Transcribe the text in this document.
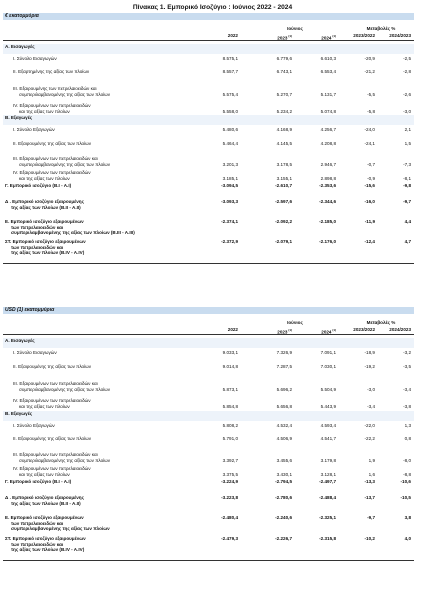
Πίνακας 1. Εμπορικό Ισοζύγιο : Ιούνιος 2022 - 2024
€ εκατομμύρια
Ιούνιος	Μεταβολές %
2022
2023 $^{(1)}$	2024 $^{(1)}$	2023/2022	2024/2023
A. Εισαγωγές
I. Σύνολο Εισαγωγών	8.575,1	6.779,6	6.610,3	-20,9	-2,5
II. Εξαρτημένης της αξίας των πλοίων	8.557,7	6.743,1	6.553,4	-21,2	-2,8
III. Εξαιρουμένης των πετρελαιοειδών και
συμπεριλαμβανομένης της αξίας των πλοίων	5.575,4	5.270,7	5.131,7	-5,5	-2,6
IV. Εξαιρουμένων των πετρελαιοειδών
και της αξίας των πλοίων	5.558,0	5.234,2	5.074,8	-5,8	-3,0
B. Εξαγωγές
I. Σύνολο Εξαγωγών	5.480,6	4.168,9	4.256,7	-24,0	2,1
II. Εξαιρουμένης της αξίας των πλοίων	5.464,4	4.145,5	4.208,8	-24,1	1,5
III. Εξαιρουμένων των πετρελαιοειδών και
συμπεριλαμβανομένης της αξίας των πλοίων	3.201,3	3.178,5	2.946,7	-0,7	-7,3
IV. Εξαιρουμένων των πετρελαιοειδών
και της αξίας των πλοίων	3.185,1	3.155,1	2.898,8	-0,9	-8,1
Γ. Εμπορικό ισοζύγιο (B.I - A.I)	-3.094,5	-2.610,7	-2.353,6	-15,6	-9,8
Δ . Εμπορικό ισοζύγιο εξαιρουμένης
της αξίας των πλοίων (B.II - A.II)
-3.093,3	-2.597,6	-2.344,6	-16,0	-9,7
E. Εμπορικό ισοζύγιο εξαιρουμένων
των πετρελαιοειδών και
συμπεριλαμβανομένης της αξίας των πλοίων (B.III - A.III)
-2.374,1	-2.092,2	-2.185,0	-11,9	4,4
ΣΤ. Εμπορικό ισοζύγιο εξαιρουμένων
των πετρελαιοειδών και
της αξίας των πλοίων (B.IV - A.IV)
-2.372,9	-2.079,1	-2.176,0	-12,4	4,7
USD (1) εκατομμύρια
Ιούνιος	Μεταβολές %
2022
2023 $^{(1)}$	2024 $^{(1)}$	2023/2022	2024/2023
A. Εισαγωγές
I. Σύνολο Εισαγωγών	9.033,1	7.326,9	7.091,1	-18,9	-3,2
II. Εξαιρουμένης της αξίας των πλοίων	9.014,8	7.287,5	7.030,1	-19,2	-3,5
III. Εξαιρουμένων των πετρελαιοειδών και
συμπεριλαμβανομένης της αξίας των πλοίων	5.873,1	5.696,2	5.504,9	-3,0	-3,4
IV. Εξαιρουμένων των πετρελαιοειδών
και της αξίας των πλοίων	5.854,8	5.656,8	5.443,9	-3,4	-3,8
B. Εξαγωγές
I. Σύνολο Εξαγωγών	5.808,2	4.532,4	4.593,4	-22,0	1,3
II. Εξαιρουμένης της αξίας των πλοίων	5.791,0	4.506,9	4.541,7	-22,2	0,8
III. Εξαιρουμένων των πετρελαιοειδών και
συμπεριλαμβανομένης της αξίας των πλοίων	3.392,7	3.455,6	3.179,8	1,9	-8,0
IV. Εξαιρουμένων των πετρελαιοειδών
και της αξίας των πλοίων	3.375,5	3.430,1	3.128,1	1,6	-8,8
Γ. Εμπορικό ισοζύγιο (B.I - A.I)	-3.224,9	-2.794,5	-2.497,7	-13,3	-10,6
Δ . Εμπορικό ισοζύγιο εξαιρουμένης
της αξίας των πλοίων (B.II - A.II)
-3.223,8	-2.780,6	-2.488,4	-13,7	-10,5
E. Εμπορικό ισοζύγιο εξαιρουμένων
των πετρελαιοειδών και
συμπεριλαμβανομένης της αξίας των πλοίων
-2.480,4	-2.240,6	-2.325,1	-9,7	3,8
ΣΤ. Εμπορικό ισοζύγιο εξαιρουμένων
των πετρελαιοειδών και
της αξίας των πλοίων (B.IV - A.IV)
-2.479,3	-2.226,7	-2.315,8	-10,2	4,0
